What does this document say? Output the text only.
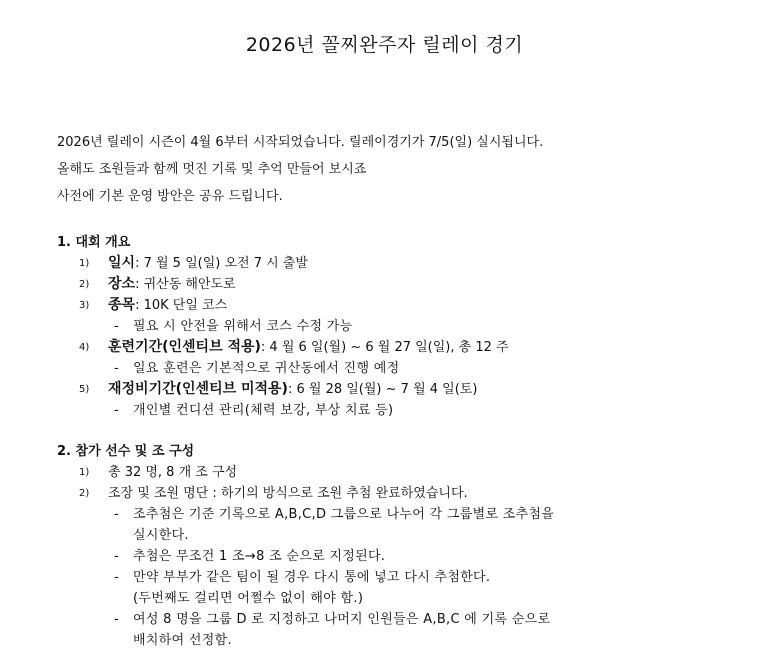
2026년 꼴찌완주자 릴레이 경기
2026년 릴레이 시즌이 4월 6부터 시작되었습니다. 릴레이경기가 7/5(일) 실시됩니다.
올해도 조원들과 함께 멋진 기록 및 추억 만들어 보시죠
사전에 기본 운영 방안은 공유 드립니다.
1. 대회 개요
1) 일시: 7 월 5 일(일) 오전 7 시 출발
2) 장소: 귀산동 해안도로
3) 종목: 10K 단일 코스
- 필요 시 안전을 위해서 코스 수정 가능
4) 훈련기간(인센티브 적용): 4 월 6 일(월) ~ 6 월 27 일(일), 총 12 주
- 일요 훈련은 기본적으로 귀산동에서 진행 예정
5) 재정비기간(인센티브 미적용): 6 월 28 일(월) ~ 7 월 4 일(토)
- 개인별 컨디션 관리(체력 보강, 부상 치료 등)
2. 참가 선수 및 조 구성
1) 총 32 명, 8 개 조 구성
2) 조장 및 조원 명단 : 하기의 방식으로 조원 추첨 완료하였습니다.
- 조추첨은 기준 기록으로 A,B,C,D 그룹으로 나누어 각 그룹별로 조추첨을
실시한다.
- 추첨은 무조건 1 조→8 조 순으로 지정된다.
- 만약 부부가 같은 팀이 될 경우 다시 통에 넣고 다시 추첨한다.
(두번째도 걸리면 어쩔수 없이 해야 함.)
- 여성 8 명을 그룹 D 로 지정하고 나머지 인원들은 A,B,C 에 기록 순으로
배치하여 선정함.
